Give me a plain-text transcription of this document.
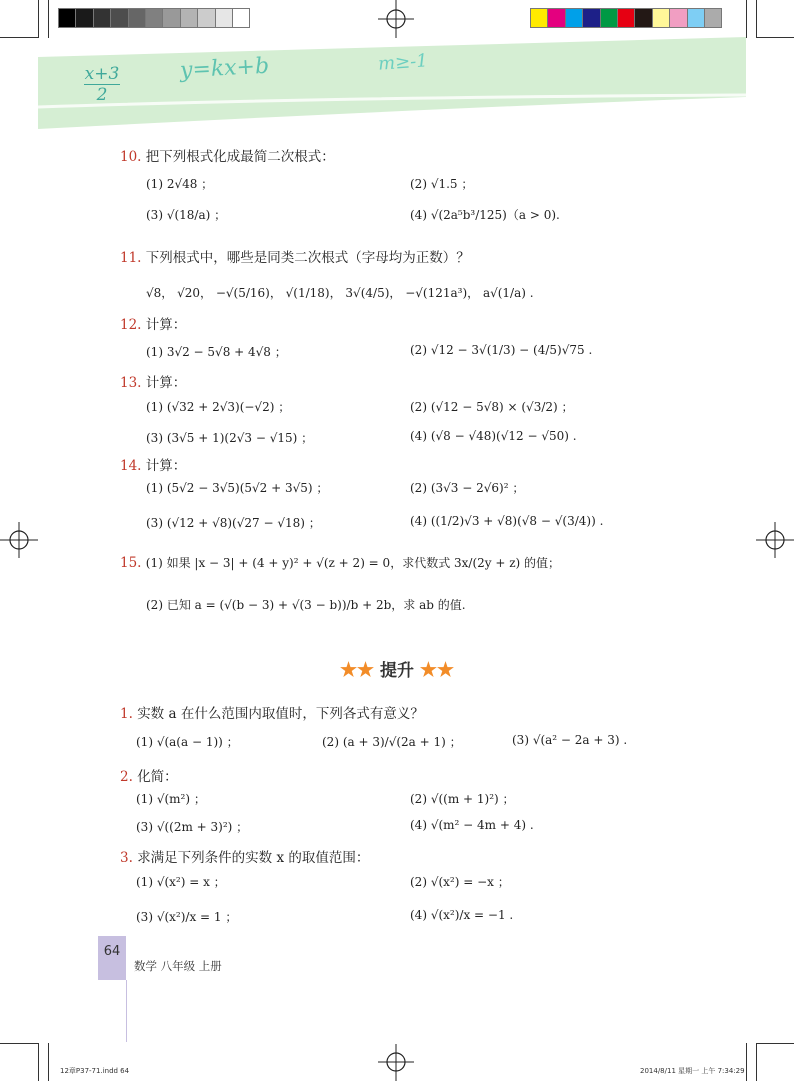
$\frac{x+3}{2}$	y=kx+b	m≥-1
10. 把下列根式化成最简二次根式：
(1) 2√48 ；	(2) √1.5 ；
(3) √(18/a) ；	(4) √(2a⁵b³/125)（a > 0).
11. 下列根式中，哪些是同类二次根式（字母均为正数）？
√8， √20， −√(5/16)， √(1/18)， 3√(4/5)， −√(121a³)， a√(1/a) .
12. 计算：
(1) 3√2 − 5√8 + 4√8 ；	(2) √12 − 3√(1/3) − (4/5)√75 .
13. 计算：
(1) (√32 + 2√3)(−√2) ；	(2) (√12 − 5√8) × (√3/2) ；
(3) (3√5 + 1)(2√3 − √15) ；	(4) (√8 − √48)(√12 − √50) .
14. 计算：
(1) (5√2 − 3√5)(5√2 + 3√5) ；	(2) (3√3 − 2√6)² ；
(3) (√12 + √8)(√27 − √18) ；	(4) ((1/2)√3 + √8)(√8 − √(3/4)) .
15. (1) 如果 |x − 3| + (4 + y)² + √(z + 2) = 0，求代数式 3x/(2y + z) 的值；
(2) 已知 a = (√(b − 3) + √(3 − b))/b + 2b，求 ab 的值.
★★ 提升 ★★
1. 实数 a 在什么范围内取值时，下列各式有意义？
(1) √(a(a − 1)) ；	(2) (a + 3)/√(2a + 1) ；	(3) √(a² − 2a + 3) .
2. 化简：
(1) √(m²) ；	(2) √((m + 1)²) ；
(3) √((2m + 3)²) ；	(4) √(m² − 4m + 4) .
3. 求满足下列条件的实数 x 的取值范围：
(1) √(x²) = x ；	(2) √(x²) = −x ；
(3) √(x²)/x = 1 ；	(4) √(x²)/x = −1 .
64
数学 八年级 上册
12章P37-71.indd 64	2014/8/11 星期一 上午 7:34:29
